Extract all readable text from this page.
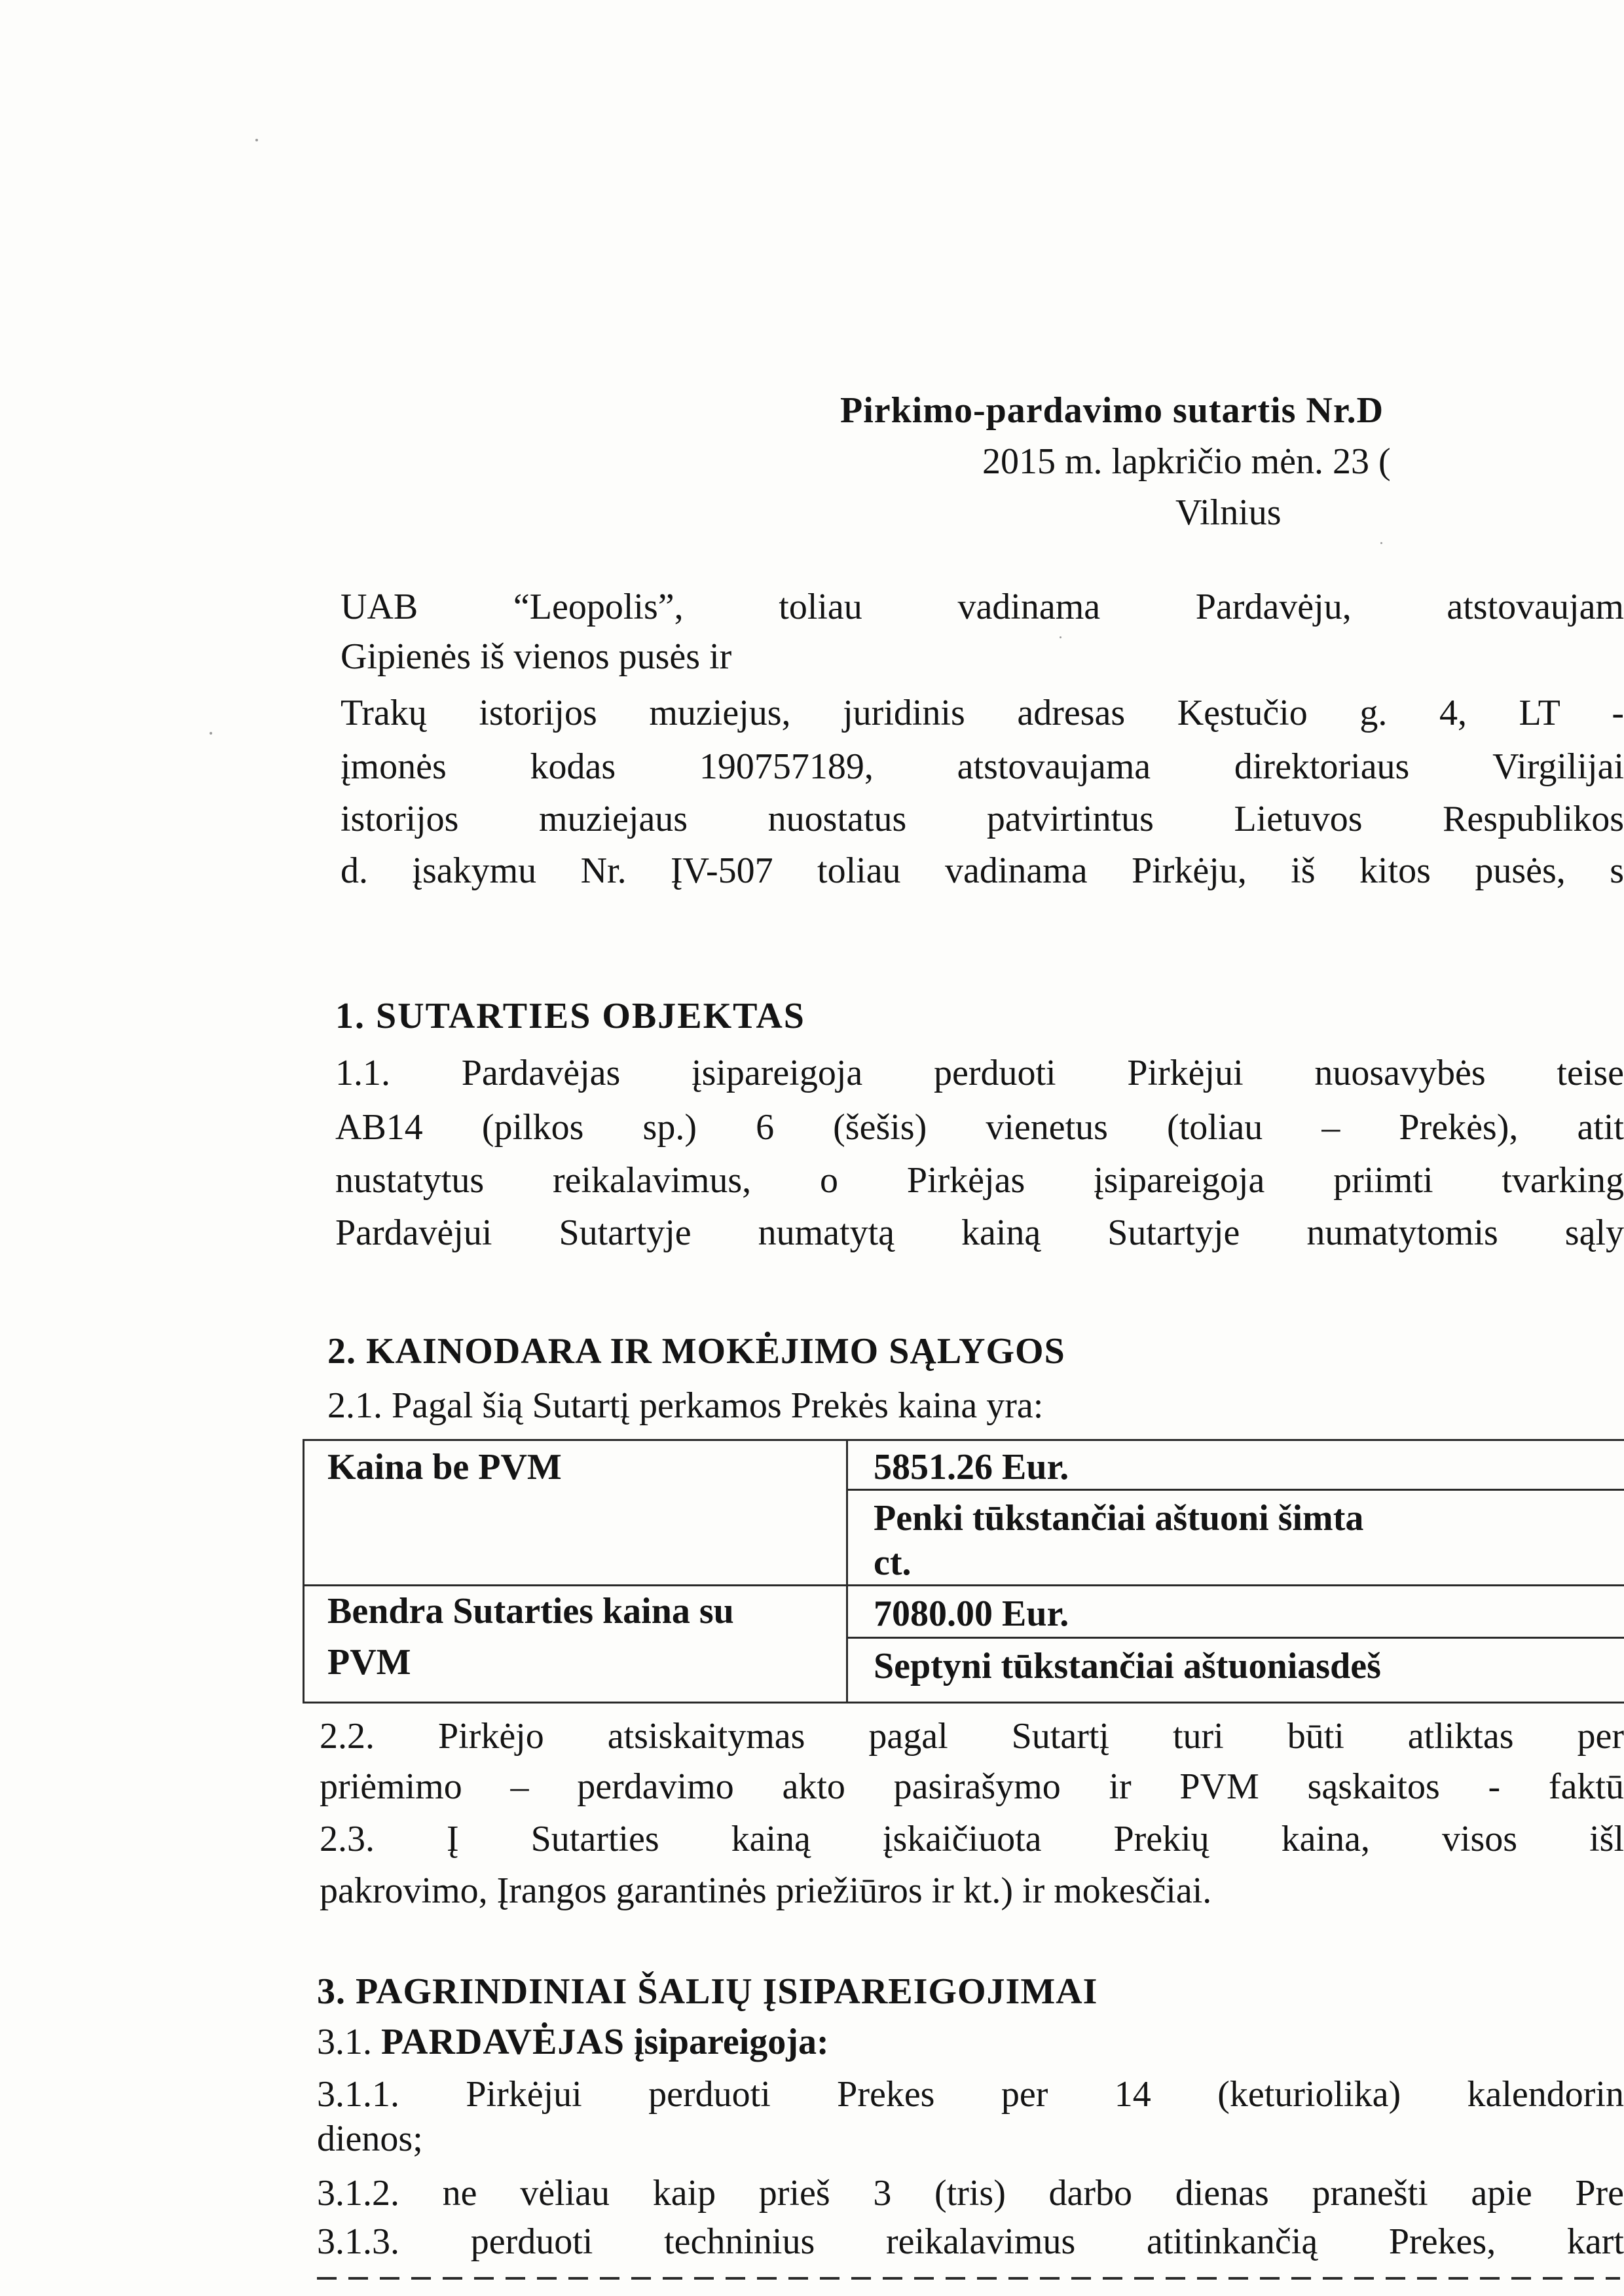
Pirkimo-pardavimo sutartis Nr.D
2015 m. lapkričio mėn. 23 (
Vilnius
UAB “Leopolis”, toliau vadinama Pardavėju, atstovaujam
Gipienės iš vienos pusės ir
Trakų istorijos muziejus, juridinis adresas Kęstučio g. 4, LT -
įmonės kodas 190757189, atstovaujama direktoriaus Virgilijai
istorijos muziejaus nuostatus patvirtintus Lietuvos Respublikos
d. įsakymu Nr. ĮV-507 toliau vadinama Pirkėju, iš kitos pusės, s
1. SUTARTIES OBJEKTAS
1.1. Pardavėjas įsipareigoja perduoti Pirkėjui nuosavybės teise
AB14 (pilkos sp.) 6 (šešis) vienetus (toliau – Prekės), atit
nustatytus reikalavimus, o Pirkėjas įsipareigoja priimti tvarking
Pardavėjui Sutartyje numatytą kainą Sutartyje numatytomis sąly
2. KAINODARA IR MOKĖJIMO SĄLYGOS
2.1. Pagal šią Sutartį perkamos Prekės kaina yra:
Kaina be PVM	5851.26 Eur.
Penki tūkstančiai aštuoni šimta
ct.
Bendra Sutarties kaina su
PVM
7080.00 Eur.
Septyni tūkstančiai aštuoniasdeš
2.2. Pirkėjo atsiskaitymas pagal Sutartį turi būti atliktas per
priėmimo – perdavimo akto pasirašymo ir PVM sąskaitos - faktū
2.3. Į Sutarties kainą įskaičiuota Prekių kaina, visos išl
pakrovimo, Įrangos garantinės priežiūros ir kt.) ir mokesčiai.
3. PAGRINDINIAI ŠALIŲ ĮSIPAREIGOJIMAI
3.1. PARDAVĖJAS įsipareigoja:
3.1.1. Pirkėjui perduoti Prekes per 14 (keturiolika) kalendorin
dienos;
3.1.2. ne vėliau kaip prieš 3 (tris) darbo dienas pranešti apie Pre
3.1.3. perduoti techninius reikalavimus atitinkančią Prekes, kart
